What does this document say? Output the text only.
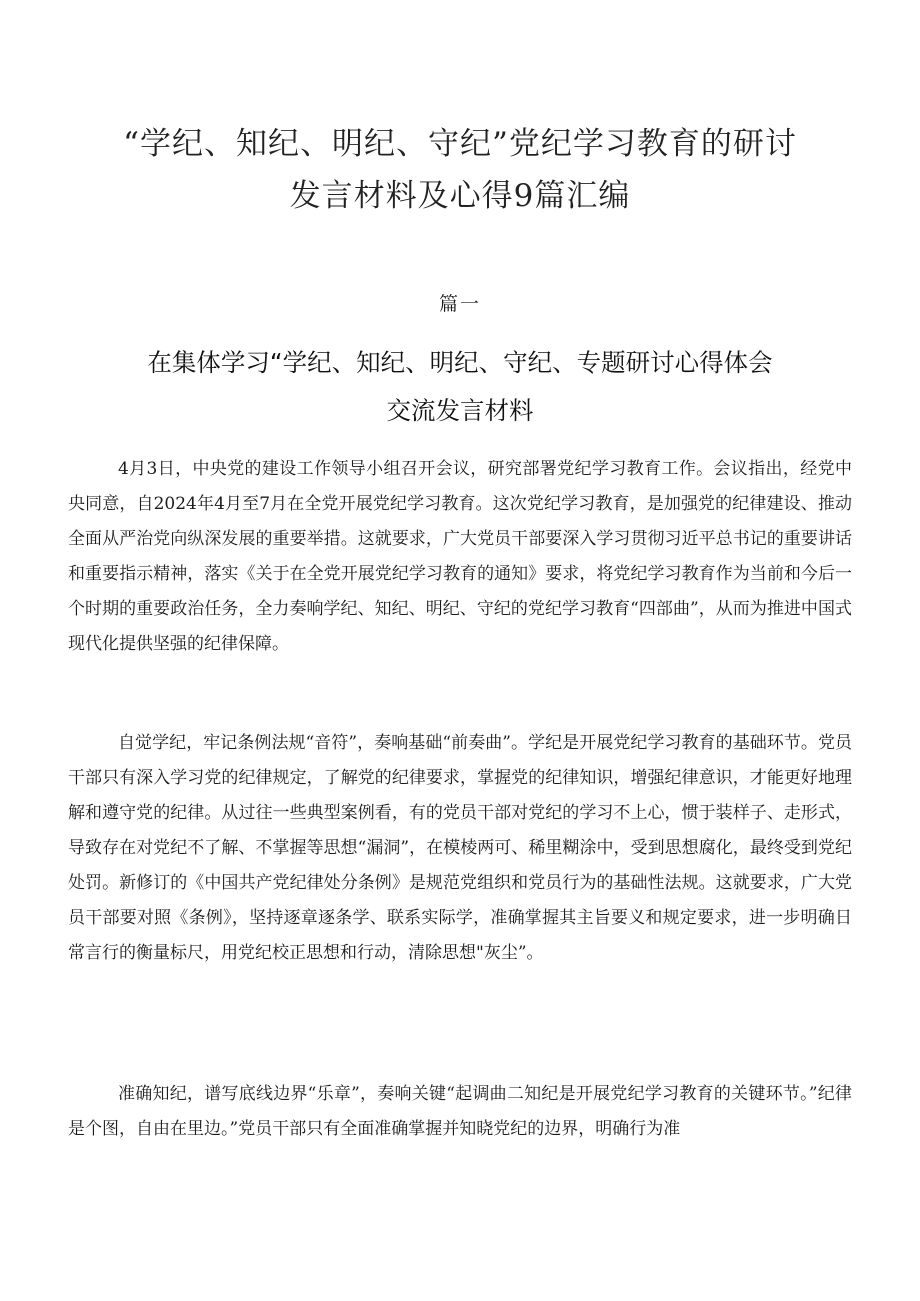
“学纪、知纪、明纪、守纪”党纪学习教育的研讨
发言材料及心得9篇汇编
篇一
在集体学习“学纪、知纪、明纪、守纪、专题研讨心得体会
交流发言材料

4月3日，中央党的建设工作领导小组召开会议，研究部署党纪学习教育工作。会议指出，经党中央同意，自2024年4月至7月在全党开展党纪学习教育。这次党纪学习教育，是加强党的纪律建设、推动全面从严治党向纵深发展的重要举措。这就要求，广大党员干部要深入学习贯彻习近平总书记的重要讲话和重要指示精神，落实《关于在全党开展党纪学习教育的通知》要求，将党纪学习教育作为当前和今后一个时期的重要政治任务，全力奏响学纪、知纪、明纪、守纪的党纪学习教育“四部曲”，从而为推进中国式现代化提供坚强的纪律保障。

自觉学纪，牢记条例法规“音符”，奏响基础“前奏曲”。学纪是开展党纪学习教育的基础环节。党员干部只有深入学习党的纪律规定，了解党的纪律要求，掌握党的纪律知识，增强纪律意识，才能更好地理解和遵守党的纪律。从过往一些典型案例看，有的党员干部对党纪的学习不上心，惯于装样子、走形式，导致存在对党纪不了解、不掌握等思想“漏洞”，在模棱两可、稀里糊涂中，受到思想腐化，最终受到党纪处罚。新修订的《中国共产党纪律处分条例》是规范党组织和党员行为的基础性法规。这就要求，广大党员干部要对照《条例》，坚持逐章逐条学、联系实际学，准确掌握其主旨要义和规定要求，进一步明确日常言行的衡量标尺，用党纪校正思想和行动，清除思想"灰尘”。

准确知纪，谱写底线边界“乐章”，奏响关键“起调曲二知纪是开展党纪学习教育的关键环节。”纪律是个图，自由在里边。”党员干部只有全面准确掌握并知晓党纪的边界，明确行为准
